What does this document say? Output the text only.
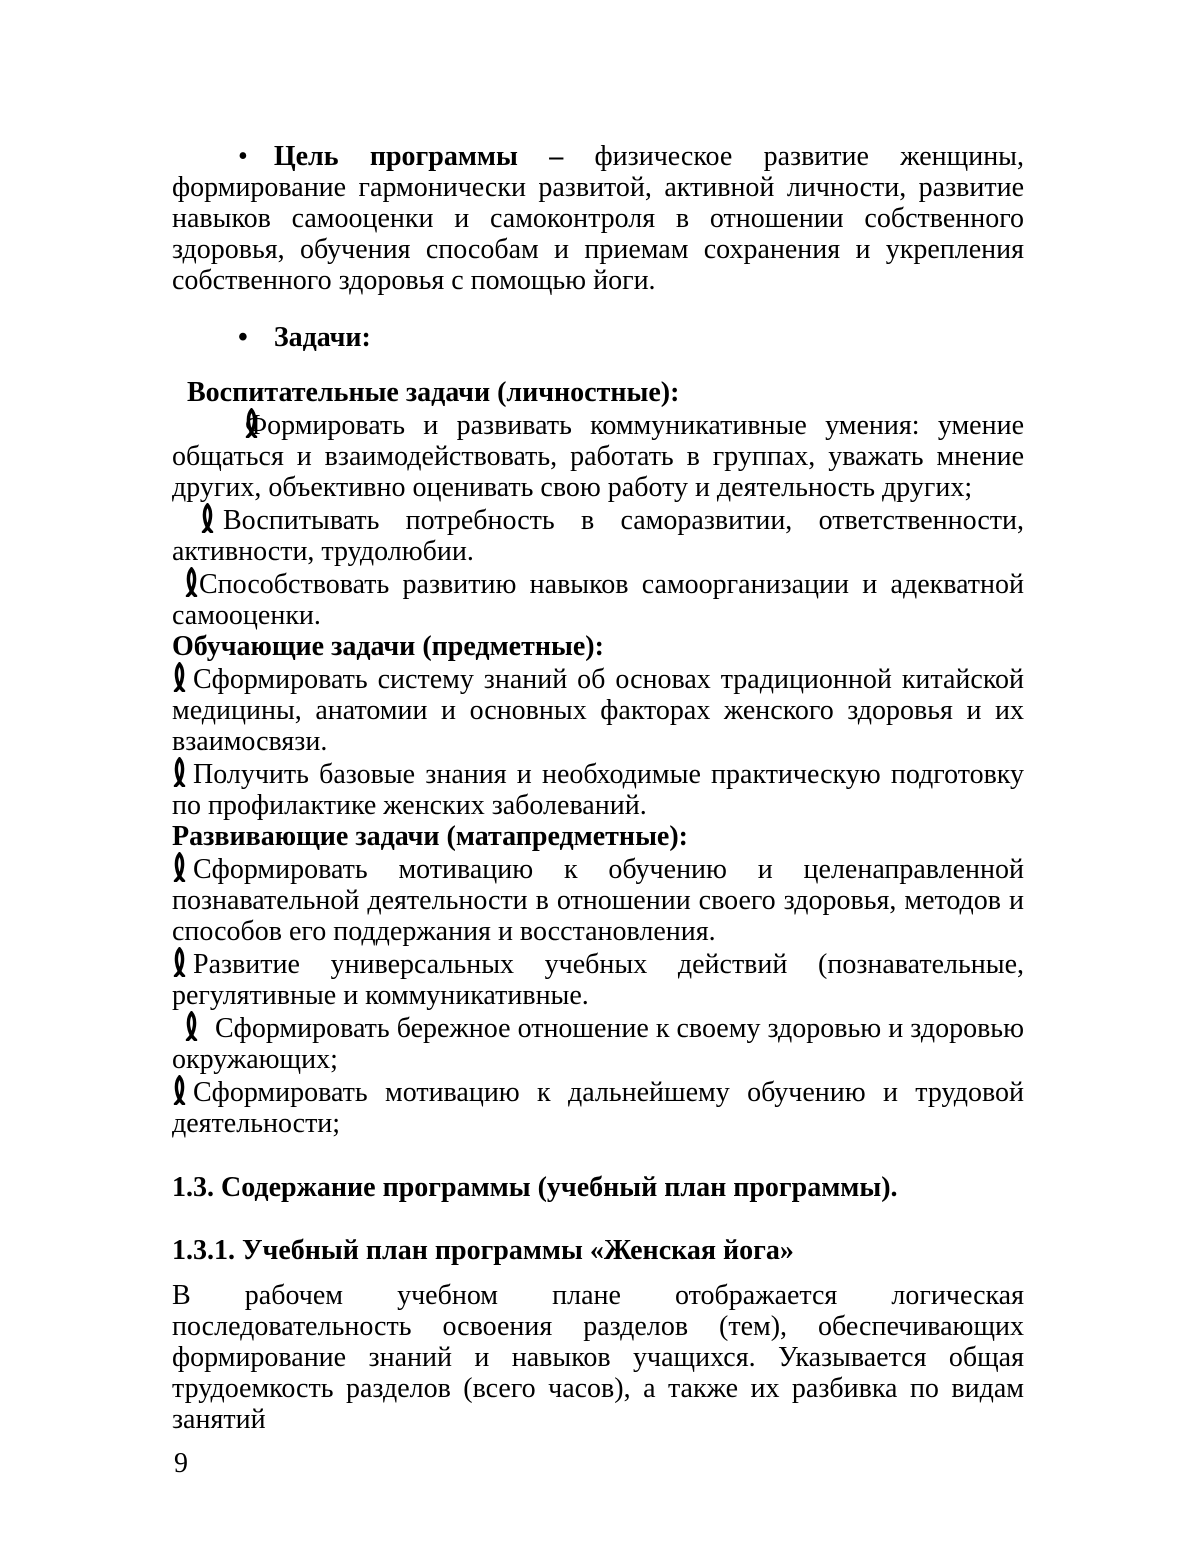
• Цель программы – физическое развитие женщины, формирование гармонически развитой, активной личности, развитие навыков самооценки и самоконтроля в отношении собственного здоровья, обучения способам и приемам сохранения и укрепления собственного здоровья с помощью йоги.

• Задачи:

Воспитательные задачи (личностные):

Формировать и развивать коммуникативные умения: умение общаться и взаимодействовать, работать в группах, уважать мнение других, объективно оценивать свою работу и деятельность других;

Воспитывать потребность в саморазвитии, ответственности, активности, трудолюбии.

Способствовать развитию навыков самоорганизации и адекватной самооценки.

Обучающие задачи (предметные):

Сформировать систему знаний об основах традиционной китайской медицины, анатомии и основных факторах женского здоровья и их взаимосвязи.

Получить базовые знания и необходимые практическую подготовку по профилактике женских заболеваний.

Развивающие задачи (матапредметные):

Сформировать мотивацию к обучению и целенаправленной познавательной деятельности в отношении своего здоровья, методов и способов его поддержания и восстановления.

Развитие универсальных учебных действий (познавательные, регулятивные и коммуникативные.

Сформировать бережное отношение к своему здоровью и здоровью окружающих;

Сформировать мотивацию к дальнейшему обучению и трудовой деятельности;

1.3. Содержание программы (учебный план программы).
1.3.1. Учебный план программы «Женская йога»

В рабочем учебном плане отображается логическая последовательность освоения разделов (тем), обеспечивающих формирование знаний и навыков учащихся. Указывается общая трудоемкость разделов (всего часов), а также их разбивка по видам занятий

9
